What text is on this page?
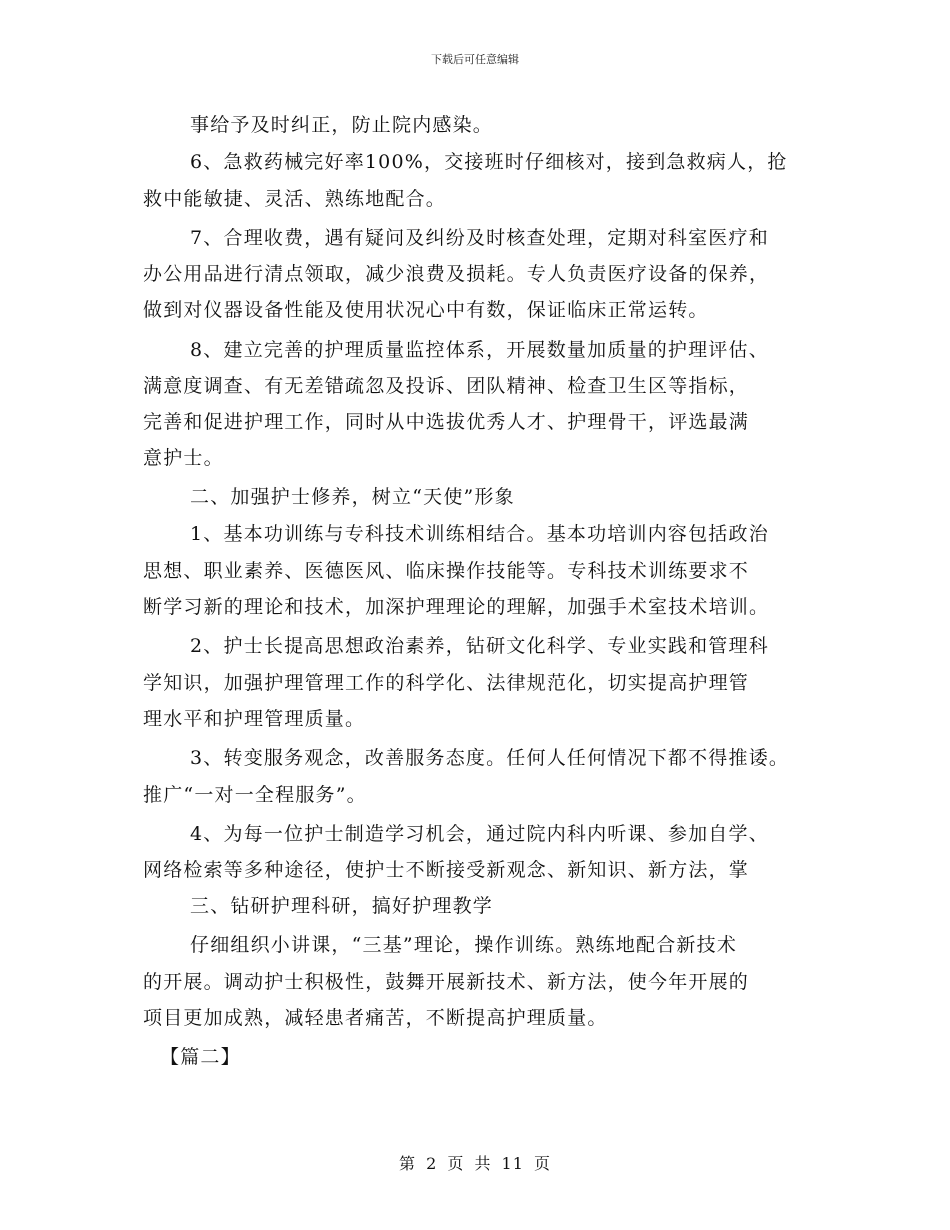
下载后可任意编辑
事给予及时纠正，防止院内感染。
6、急救药械完好率100%，交接班时仔细核对，接到急救病人，抢
救中能敏捷、灵活、熟练地配合。
7、合理收费，遇有疑问及纠纷及时核查处理，定期对科室医疗和
办公用品进行清点领取，减少浪费及损耗。专人负责医疗设备的保养，
做到对仪器设备性能及使用状况心中有数，保证临床正常运转。
8、建立完善的护理质量监控体系，开展数量加质量的护理评估、
满意度调查、有无差错疏忽及投诉、团队精神、检查卫生区等指标，
完善和促进护理工作，同时从中选拔优秀人才、护理骨干，评选最满
意护士。
二、加强护士修养，树立“天使”形象
1、基本功训练与专科技术训练相结合。基本功培训内容包括政治
思想、职业素养、医德医风、临床操作技能等。专科技术训练要求不
断学习新的理论和技术，加深护理理论的理解，加强手术室技术培训。
2、护士长提高思想政治素养，钻研文化科学、专业实践和管理科
学知识，加强护理管理工作的科学化、法律规范化，切实提高护理管
理水平和护理管理质量。
3、转变服务观念，改善服务态度。任何人任何情况下都不得推诿。
推广“一对一全程服务”。
4、为每一位护士制造学习机会，通过院内科内听课、参加自学、
网络检索等多种途径，使护士不断接受新观念、新知识、新方法，掌
三、钻研护理科研，搞好护理教学
仔细组织小讲课，“三基”理论，操作训练。熟练地配合新技术
的开展。调动护士积极性，鼓舞开展新技术、新方法，使今年开展的
项目更加成熟，减轻患者痛苦，不断提高护理质量。
【篇二】
第 2 页 共 11 页
